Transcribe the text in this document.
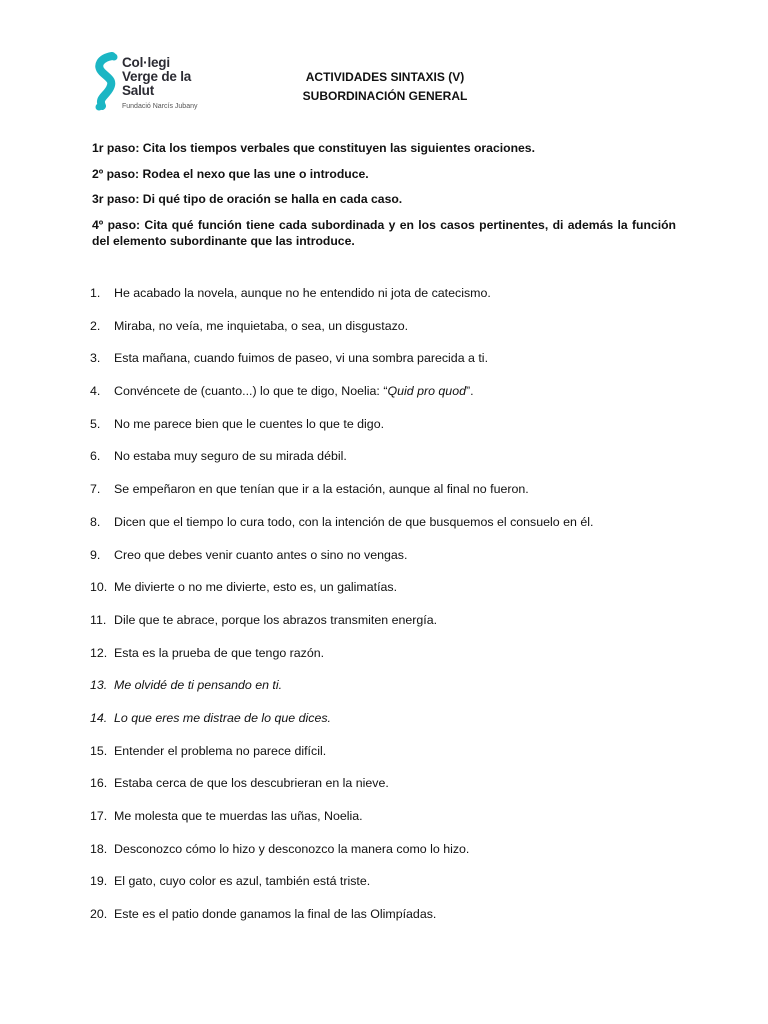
Col·legi
Verge de la
Salut
Fundació Narcís Jubany
ACTIVIDADES SINTAXIS (V)
SUBORDINACIÓN GENERAL
1r paso: Cita los tiempos verbales que constituyen las siguientes oraciones.
2º paso: Rodea el nexo que las une o introduce.
3r paso: Di qué tipo de oración se halla en cada caso.
4º paso: Cita qué función tiene cada subordinada y en los casos pertinentes, di además la función del elemento subordinante que las introduce.
1.	He acabado la novela, aunque no he entendido ni jota de catecismo.
2.	Miraba, no veía, me inquietaba, o sea, un disgustazo.
3.	Esta mañana, cuando fuimos de paseo, vi una sombra parecida a ti.
4.	Convéncete de (cuanto...) lo que te digo, Noelia: “Quid pro quod”.
5.	No me parece bien que le cuentes lo que te digo.
6.	No estaba muy seguro de su mirada débil.
7.	Se empeñaron en que tenían que ir a la estación, aunque al final no fueron.
8.	Dicen que el tiempo lo cura todo, con la intención de que busquemos el consuelo en él.
9.	Creo que debes venir cuanto antes o sino no vengas.
10. Me divierte o no me divierte, esto es, un galimatías.
11. Dile que te abrace, porque los abrazos transmiten energía.
12. Esta es la prueba de que tengo razón.
13. Me olvidé de ti pensando en ti.
14. Lo que eres me distrae de lo que dices.
15. Entender el problema no parece difícil.
16. Estaba cerca de que los descubrieran en la nieve.
17. Me molesta que te muerdas las uñas, Noelia.
18. Desconozco cómo lo hizo y desconozco la manera como lo hizo.
19. El gato, cuyo color es azul, también está triste.
20. Este es el patio donde ganamos la final de las Olimpíadas.
